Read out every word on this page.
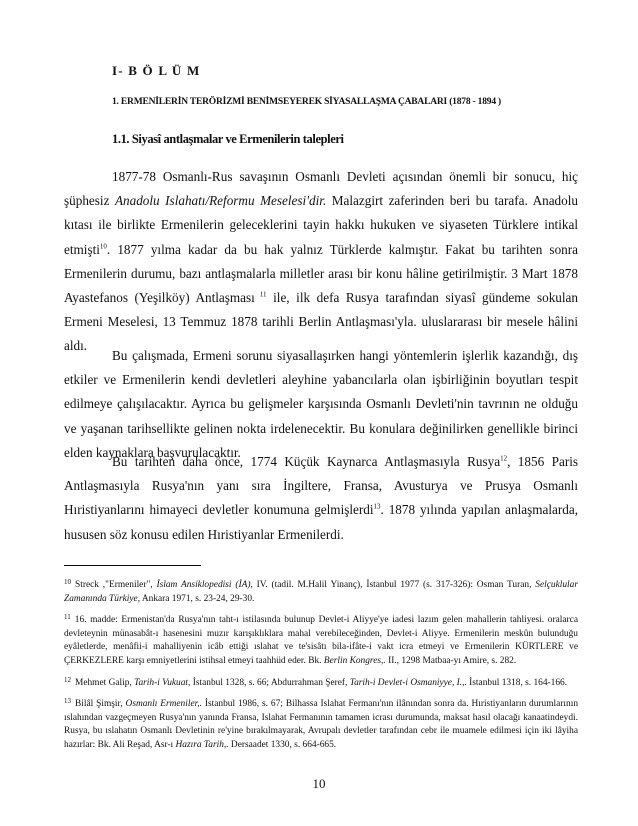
I- B Ö L Ü M
1. ERMENİLERİN TERÖRİZMİ BENİMSEYEREK SİYASALLAŞMA ÇABALARI (1878 - 1894 )
1.1. Siyasî antlaşmalar ve Ermenilerin talepleri

1877-78 Osmanlı-Rus savaşının Osmanlı Devleti açısından önemli bir sonucu, hiç şüphesiz Anadolu Islahatı/Reformu Meselesi'dir. Malazgirt zaferinden beri bu tarafa. Anadolu kıtası ile birlikte Ermenilerin geleceklerini tayin hakkı hukuken ve siyaseten Türklere intikal etmişti$^{10}$. 1877 yılma kadar da bu hak yalnız Türklerde kalmıştır. Fakat bu tarihten sonra Ermenilerin durumu, bazı antlaşmalarla milletler arası bir konu hâline getirilmiştir. 3 Mart 1878 Ayastefanos (Yeşilköy) Antlaşması $^{11}$ ile, ilk defa Rusya tarafından siyasî gündeme sokulan Ermeni Meselesi, 13 Temmuz 1878 tarihli Berlin Antlaşması'yla. uluslararası bir mesele hâlini aldı.

Bu çalışmada, Ermeni sorunu siyasallaşırken hangi yöntemlerin işlerlik kazandığı, dış etkiler ve Ermenilerin kendi devletleri aleyhine yabancılarla olan işbirliğinin boyutları tespit edilmeye çalışılacaktır. Ayrıca bu gelişmeler karşısında Osmanlı Devleti'nin tavrının ne olduğu ve yaşanan tarihsellikte gelinen nokta irdelenecektir. Bu konulara değinilirken genellikle birinci elden kaynaklara başvurulacaktır.

Bu tarihten daha önce, 1774 Küçük Kaynarca Antlaşmasıyla Rusya$^{12}$, 1856 Paris Antlaşmasıyla Rusya'nın yanı sıra İngiltere, Fransa, Avusturya ve Prusya Osmanlı Hıristiyanlarını himayeci devletler konumuna gelmişlerdi$^{13}$. 1878 yılında yapılan anlaşmalarda, hususen söz konusu edilen Hıristiyanlar Ermenilerdi.

$^{10}$ Streck ,"Ermeniler", İslam Ansiklopedisi (İA), IV. (tadil. M.Halil Yinanç), İstanbul 1977 (s. 317-326): Osman Turan, Selçuklular Zamanında Türkiye, Ankara 1971, s. 23-24, 29-30.

$^{11}$ 16. madde: Ermenistan'da Rusya'nın taht-ı istilasında bulunup Devlet-i Aliyye'ye iadesi lazım gelen mahallerin tahliyesi. oralarca devleteynin münasabât-ı hasenesini muzır karışıklıklara mahal verebileceğinden, Devlet-i Aliyye. Ermenilerin meskûn bulunduğu eyâletlerde, menâfii-i mahalliyenin icâb ettiği ıslahat ve te'sisâtı bila-ifâte-i vakt icra etmeyi ve Ermenilerin KÜRTLERE ve ÇERKEZLERE karşı emniyetlerini istihsal etmeyi taahhüd eder. Bk. Berlin Kongres,. II., 1298 Matbaa-yı Amire, s. 282.

$^{12}$ Mehmet Galip, Tarih-i Vukuat, İstanbul 1328, s. 66; Abdurrahman Şeref, Tarih-i Devlet-i Osmaniyye, I.,. İstanbul 1318, s. 164-166.

$^{13}$ Bilâl Şimşir, Osmanlı Ermeniler,. İstanbul 1986, s. 67; Bilhassa Islahat Fermanı'nın ilânından sonra da. Hıristiyanların durumlarının ıslahından vazgeçmeyen Rusya'nın yanında Fransa, Islahat Fermanının tamamen icrası durumunda, maksat hasıl olacağı kanaatindeydi. Rusya, bu ıslahatın Osmanlı Devletinin re'yine bırakılmayarak, Avrupalı devletler tarafından cebr ile muamele edilmesi için iki lâyiha hazırlar: Bk. Ali Reşad, Asr-ı Hazıra Tarih,. Dersaadet 1330, s. 664-665.

10
